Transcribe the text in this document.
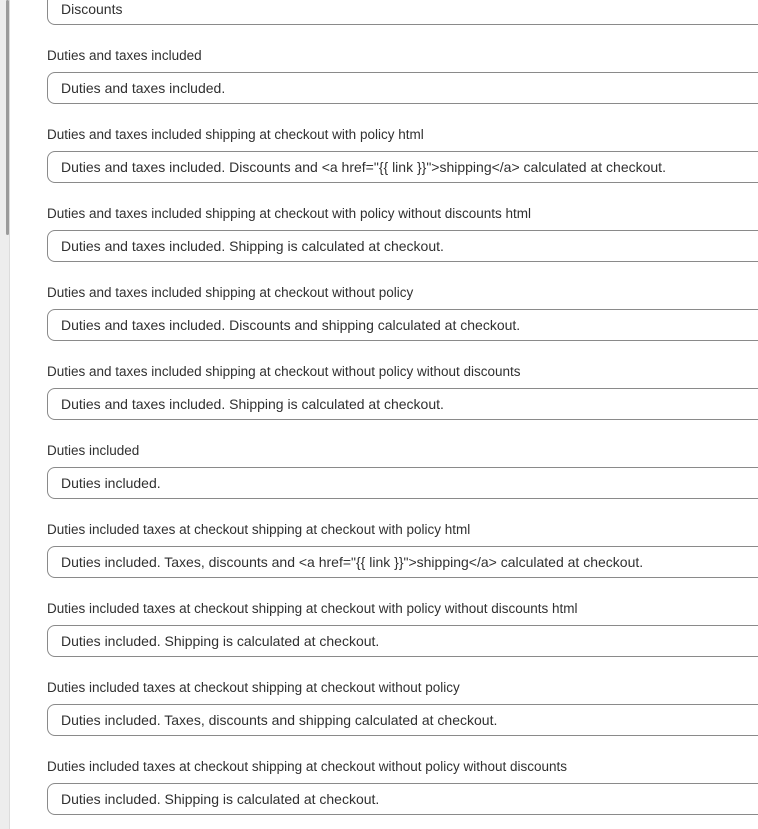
Discounts
Duties and taxes included
Duties and taxes included.
Duties and taxes included shipping at checkout with policy html
Duties and taxes included. Discounts and <a href="{{ link }}">shipping</a> calculated at checkout.
Duties and taxes included shipping at checkout with policy without discounts html
Duties and taxes included. Shipping is calculated at checkout.
Duties and taxes included shipping at checkout without policy
Duties and taxes included. Discounts and shipping calculated at checkout.
Duties and taxes included shipping at checkout without policy without discounts
Duties and taxes included. Shipping is calculated at checkout.
Duties included
Duties included.
Duties included taxes at checkout shipping at checkout with policy html
Duties included. Taxes, discounts and <a href="{{ link }}">shipping</a> calculated at checkout.
Duties included taxes at checkout shipping at checkout with policy without discounts html
Duties included. Shipping is calculated at checkout.
Duties included taxes at checkout shipping at checkout without policy
Duties included. Taxes, discounts and shipping calculated at checkout.
Duties included taxes at checkout shipping at checkout without policy without discounts
Duties included. Shipping is calculated at checkout.
